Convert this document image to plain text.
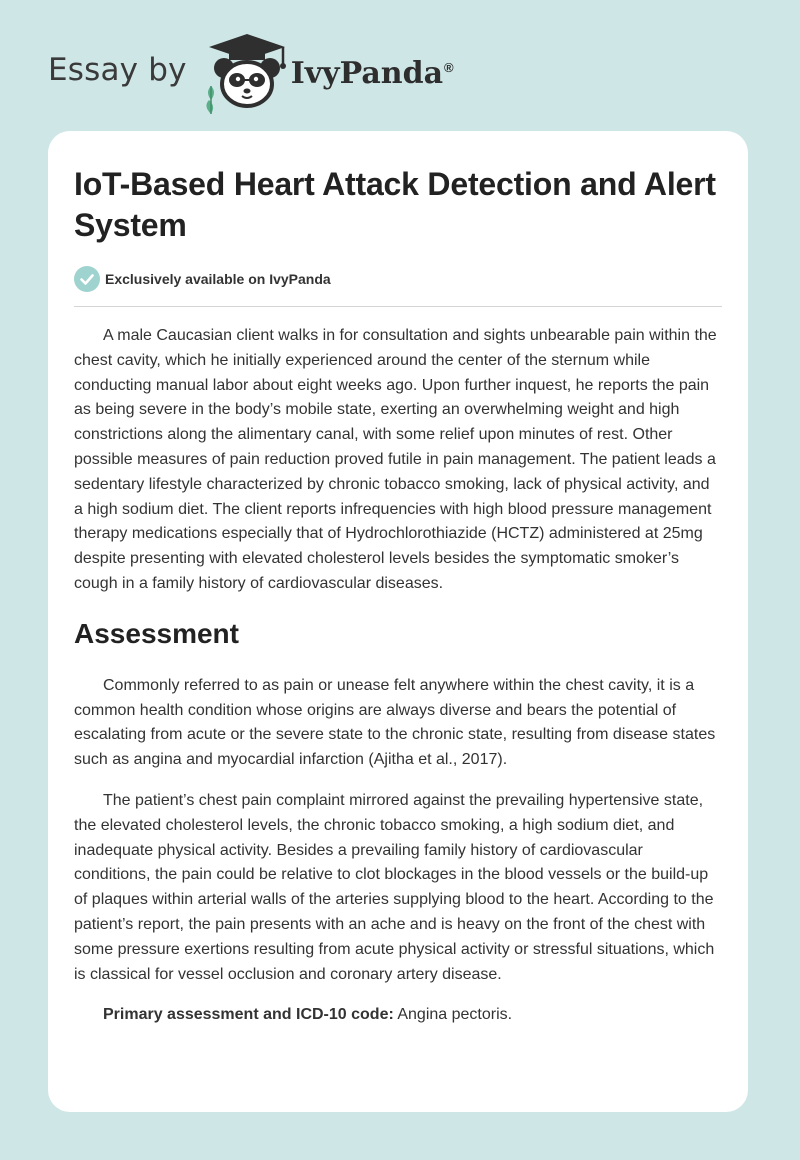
Essay by	IvyPanda®
IoT-Based Heart Attack Detection and Alert System
Exclusively available on IvyPanda

A male Caucasian client walks in for consultation and sights unbearable pain within the chest cavity, which he initially experienced around the center of the sternum while conducting manual labor about eight weeks ago. Upon further inquest, he reports the pain as being severe in the body’s mobile state, exerting an overwhelming weight and high constrictions along the alimentary canal, with some relief upon minutes of rest. Other possible measures of pain reduction proved futile in pain management. The patient leads a sedentary lifestyle characterized by chronic tobacco smoking, lack of physical activity, and a high sodium diet. The client reports infrequencies with high blood pressure management therapy medications especially that of Hydrochlorothiazide (HCTZ) administered at 25mg despite presenting with elevated cholesterol levels besides the symptomatic smoker’s cough in a family history of cardiovascular diseases.

Assessment

Commonly referred to as pain or unease felt anywhere within the chest cavity, it is a common health condition whose origins are always diverse and bears the potential of escalating from acute or the severe state to the chronic state, resulting from disease states such as angina and myocardial infarction (Ajitha et al., 2017).

The patient’s chest pain complaint mirrored against the prevailing hypertensive state, the elevated cholesterol levels, the chronic tobacco smoking, a high sodium diet, and inadequate physical activity. Besides a prevailing family history of cardiovascular conditions, the pain could be relative to clot blockages in the blood vessels or the build-up of plaques within arterial walls of the arteries supplying blood to the heart. According to the patient’s report, the pain presents with an ache and is heavy on the front of the chest with some pressure exertions resulting from acute physical activity or stressful situations, which is classical for vessel occlusion and coronary artery disease.

Primary assessment and ICD-10 code: Angina pectoris.
